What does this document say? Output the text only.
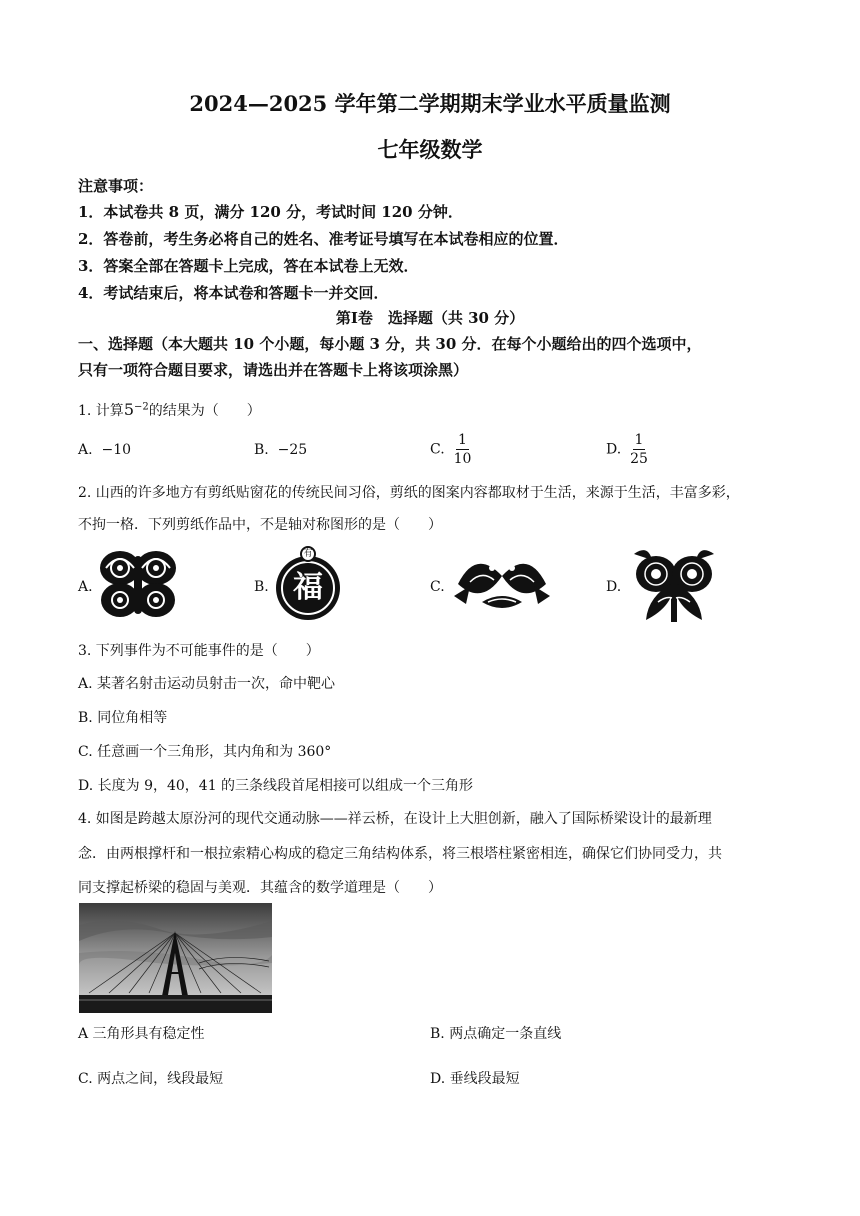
2024—2025 学年第二学期期末学业水平质量监测
七年级数学
注意事项：
1．本试卷共 8 页，满分 120 分，考试时间 120 分钟．
2．答卷前，考生务必将自己的姓名、准考证号填写在本试卷相应的位置．
3．答案全部在答题卡上完成，答在本试卷上无效．
4．考试结束后，将本试卷和答题卡一并交回．
第Ⅰ卷　选择题（共 30 分）
一、选择题（本大题共 10 个小题，每小题 3 分，共 30 分．在每个小题给出的四个选项中，
只有一项符合题目要求，请选出并在答题卡上将该项涂黑）
1. 计算$5^{-2}$的结果为（　　）
A. −10	B. −25	C. $\frac{1}{10}$	D. $\frac{1}{25}$
2. 山西的许多地方有剪纸贴窗花的传统民间习俗，剪纸的图案内容都取材于生活，来源于生活，丰富多彩，
不拘一格．下列剪纸作品中，不是轴对称图形的是（　　）
A.	B. 福
有
C.	D.
3. 下列事件为不可能事件的是（　　）
A. 某著名射击运动员射击一次，命中靶心
B. 同位角相等
C. 任意画一个三角形，其内角和为 360°
D. 长度为 9，40，41 的三条线段首尾相接可以组成一个三角形
4. 如图是跨越太原汾河的现代交通动脉——祥云桥，在设计上大胆创新，融入了国际桥梁设计的最新理
念．由两根撑杆和一根拉索精心构成的稳定三角结构体系，将三根塔柱紧密相连，确保它们协同受力，共
同支撑起桥梁的稳固与美观．其蕴含的数学道理是（　　）
A 三角形具有稳定性	B. 两点确定一条直线
C. 两点之间，线段最短	D. 垂线段最短
